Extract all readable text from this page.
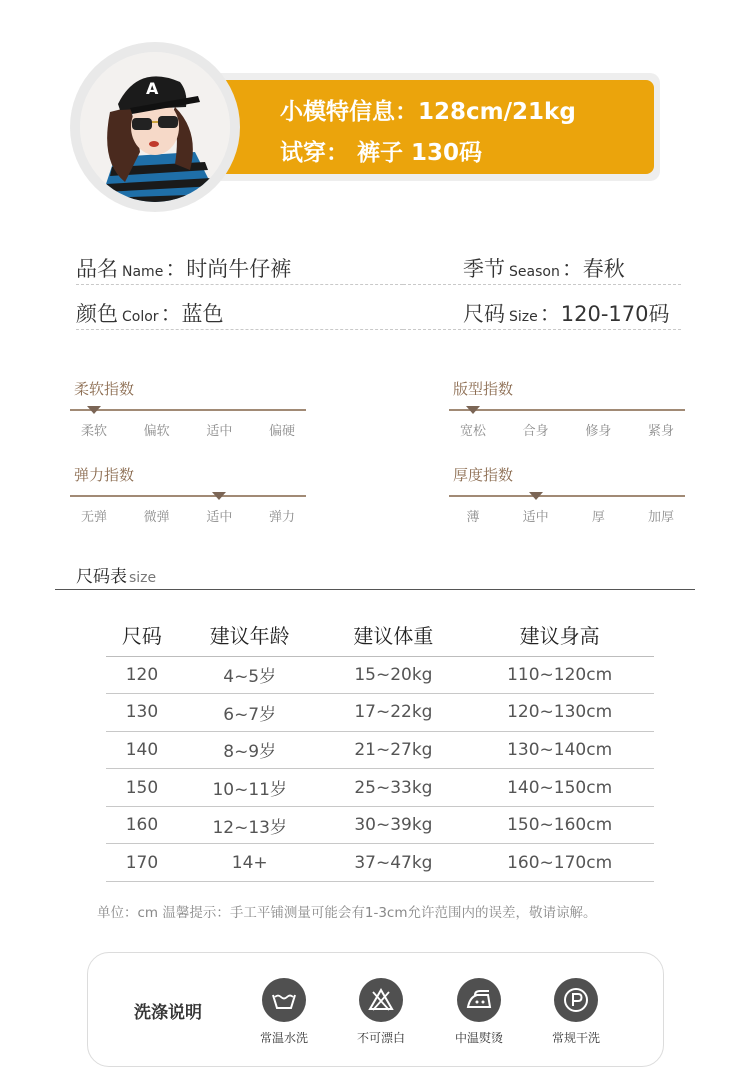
小模特信息：128cm/21kg
试穿： 裤子 130码
A
品名 Name：时尚牛仔裤	季节 Season：春秋
颜色 Color：蓝色	尺码 Size：120-170码
柔软指数
柔软	偏软	适中	偏硬
版型指数
宽松	合身	修身	紧身
弹力指数
无弹	微弹	适中	弹力
厚度指数
薄	适中	厚	加厚
尺码表 size
尺码	建议年龄	建议体重	建议身高
120	4~5岁	15~20kg	110~120cm
130	6~7岁	17~22kg	120~130cm
140	8~9岁	21~27kg	130~140cm
150	10~11岁	25~33kg	140~150cm
160	12~13岁	30~39kg	150~160cm
170	14+	37~47kg	160~170cm
单位：cm 温馨提示：手工平铺测量可能会有1-3cm允许范围内的误差，敬请谅解。
洗涤说明
常温水洗	不可漂白	中温熨烫	常规干洗
